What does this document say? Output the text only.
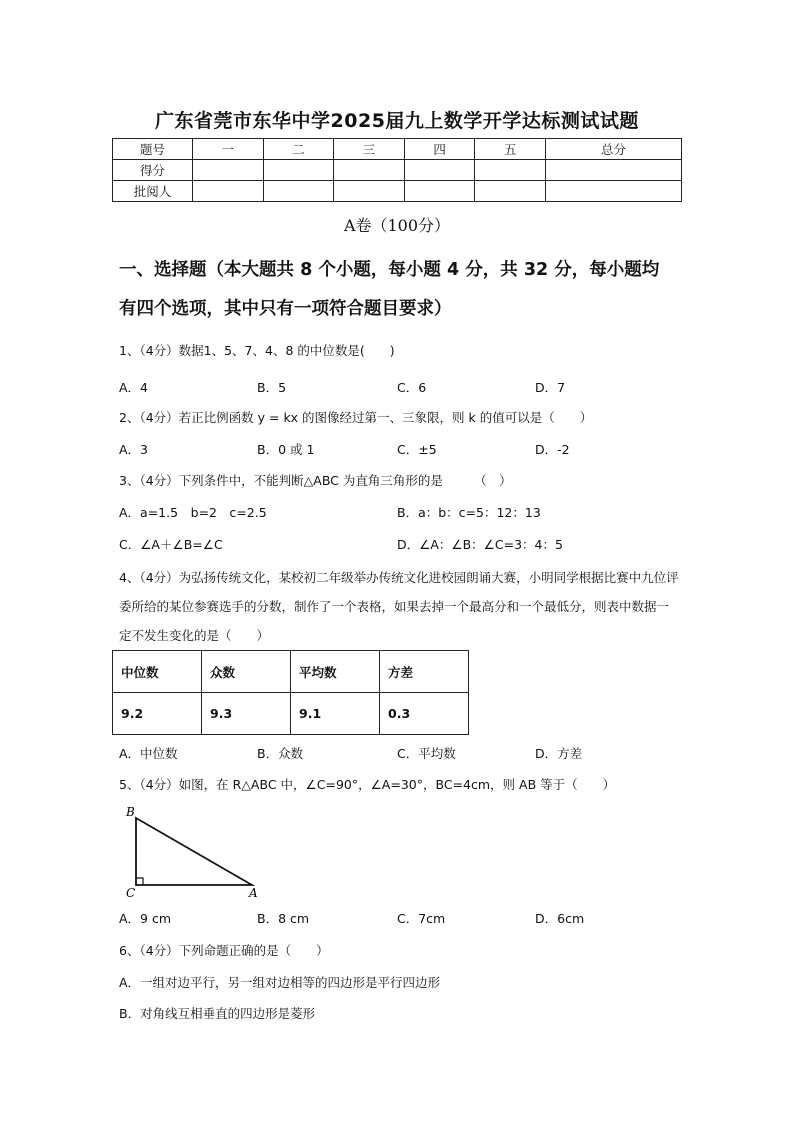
广东省莞市东华中学2025届九上数学开学达标测试试题
题号	一	二	三	四	五	总分
得分						
批阅人						
A卷（100分）
一、选择题（本大题共 8 个小题，每小题 4 分，共 32 分，每小题均
有四个选项，其中只有一项符合题目要求）
1、（4分）数据1、5、7、4、8 的中位数是(　　)
A．4	B．5	C．6	D．7
2、（4分）若正比例函数 y = kx 的图像经过第一、三象限，则 k 的值可以是（　　）
A．3	B．0 或 1	C．±5	D．-2
3、（4分）下列条件中，不能判断△ABC 为直角三角形的是　　　（　）
A．a=1.5　b=2　c=2.5	B．a：b：c=5：12：13
C．∠A＋∠B=∠C	D．∠A：∠B：∠C=3：4：5
4、（4分）为弘扬传统文化，某校初二年级举办传统文化进校园朗诵大赛，小明同学根据比赛中九位评委所给的某位参赛选手的分数，制作了一个表格，如果去掉一个最高分和一个最低分，则表中数据一定不发生变化的是（　　）
中位数	众数	平均数	方差
9.2	9.3	9.1	0.3
A．中位数	B．众数	C．平均数	D．方差
5、（4分）如图，在 R△ABC 中，∠C=90°，∠A=30°，BC=4cm，则 AB 等于（　　）
B
C	A
A．9 cm	B．8 cm	C．7cm	D．6cm
6、（4分）下列命题正确的是（　　）
A．一组对边平行，另一组对边相等的四边形是平行四边形
B．对角线互相垂直的四边形是菱形
